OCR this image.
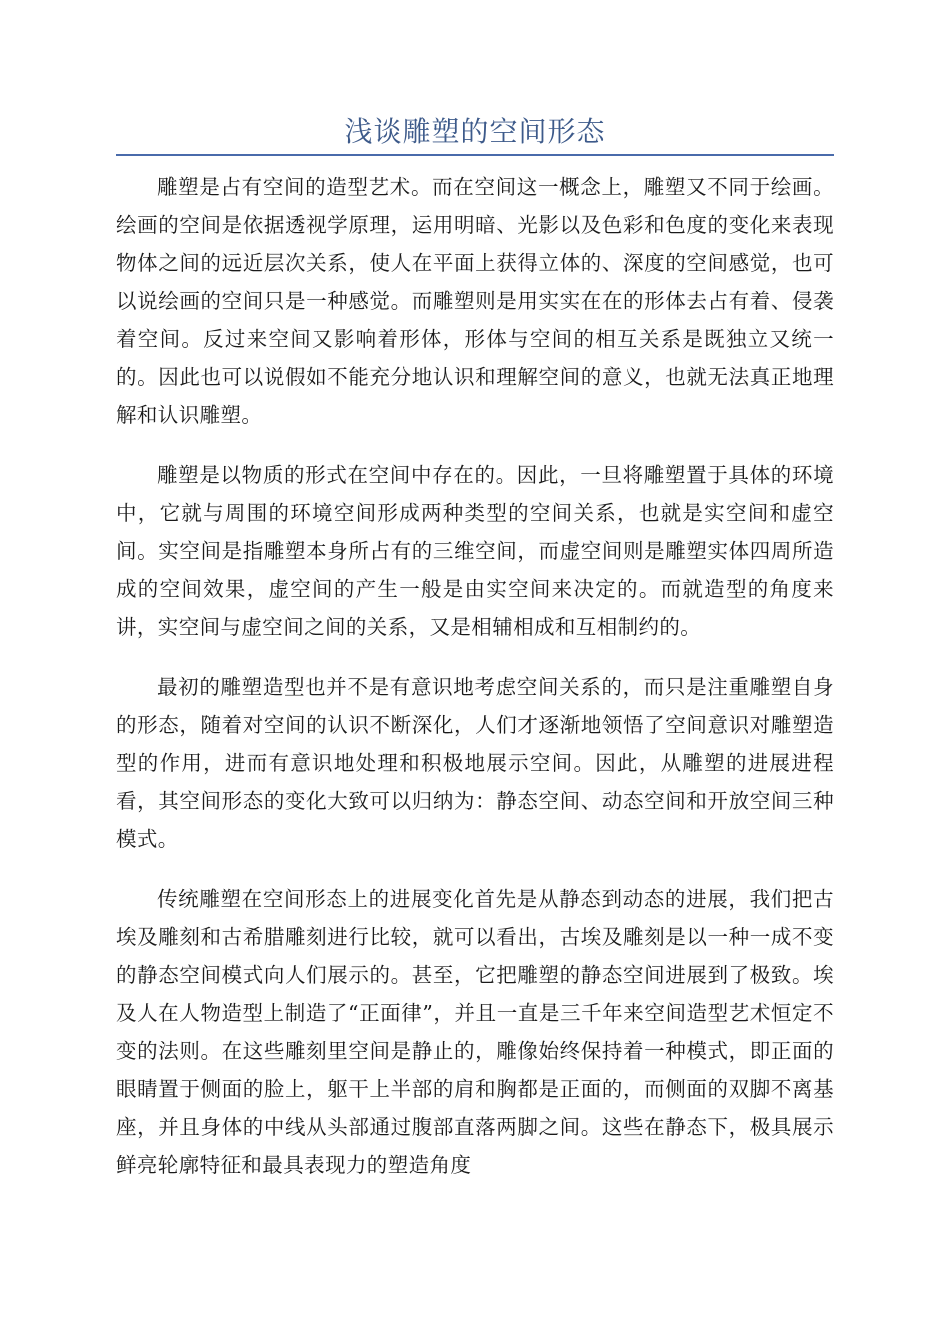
浅谈雕塑的空间形态

雕塑是占有空间的造型艺术。而在空间这一概念上，雕塑又不同于绘画。绘画的空间是依据透视学原理，运用明暗、光影以及色彩和色度的变化来表现物体之间的远近层次关系，使人在平面上获得立体的、深度的空间感觉，也可以说绘画的空间只是一种感觉。而雕塑则是用实实在在的形体去占有着、侵袭着空间。反过来空间又影响着形体，形体与空间的相互关系是既独立又统一的。因此也可以说假如不能充分地认识和理解空间的意义，也就无法真正地理解和认识雕塑。

雕塑是以物质的形式在空间中存在的。因此，一旦将雕塑置于具体的环境中，它就与周围的环境空间形成两种类型的空间关系，也就是实空间和虚空间。实空间是指雕塑本身所占有的三维空间，而虚空间则是雕塑实体四周所造成的空间效果，虚空间的产生一般是由实空间来决定的。而就造型的角度来讲，实空间与虚空间之间的关系，又是相辅相成和互相制约的。

最初的雕塑造型也并不是有意识地考虑空间关系的，而只是注重雕塑自身的形态，随着对空间的认识不断深化，人们才逐渐地领悟了空间意识对雕塑造型的作用，进而有意识地处理和积极地展示空间。因此，从雕塑的进展进程看，其空间形态的变化大致可以归纳为：静态空间、动态空间和开放空间三种模式。

传统雕塑在空间形态上的进展变化首先是从静态到动态的进展，我们把古埃及雕刻和古希腊雕刻进行比较，就可以看出，古埃及雕刻是以一种一成不变的静态空间模式向人们展示的。甚至，它把雕塑的静态空间进展到了极致。埃及人在人物造型上制造了“正面律”，并且一直是三千年来空间造型艺术恒定不变的法则。在这些雕刻里空间是静止的，雕像始终保持着一种模式，即正面的眼睛置于侧面的脸上，躯干上半部的肩和胸都是正面的，而侧面的双脚不离基座，并且身体的中线从头部通过腹部直落两脚之间。这些在静态下，极具展示鲜亮轮廓特征和最具表现力的塑造角度
